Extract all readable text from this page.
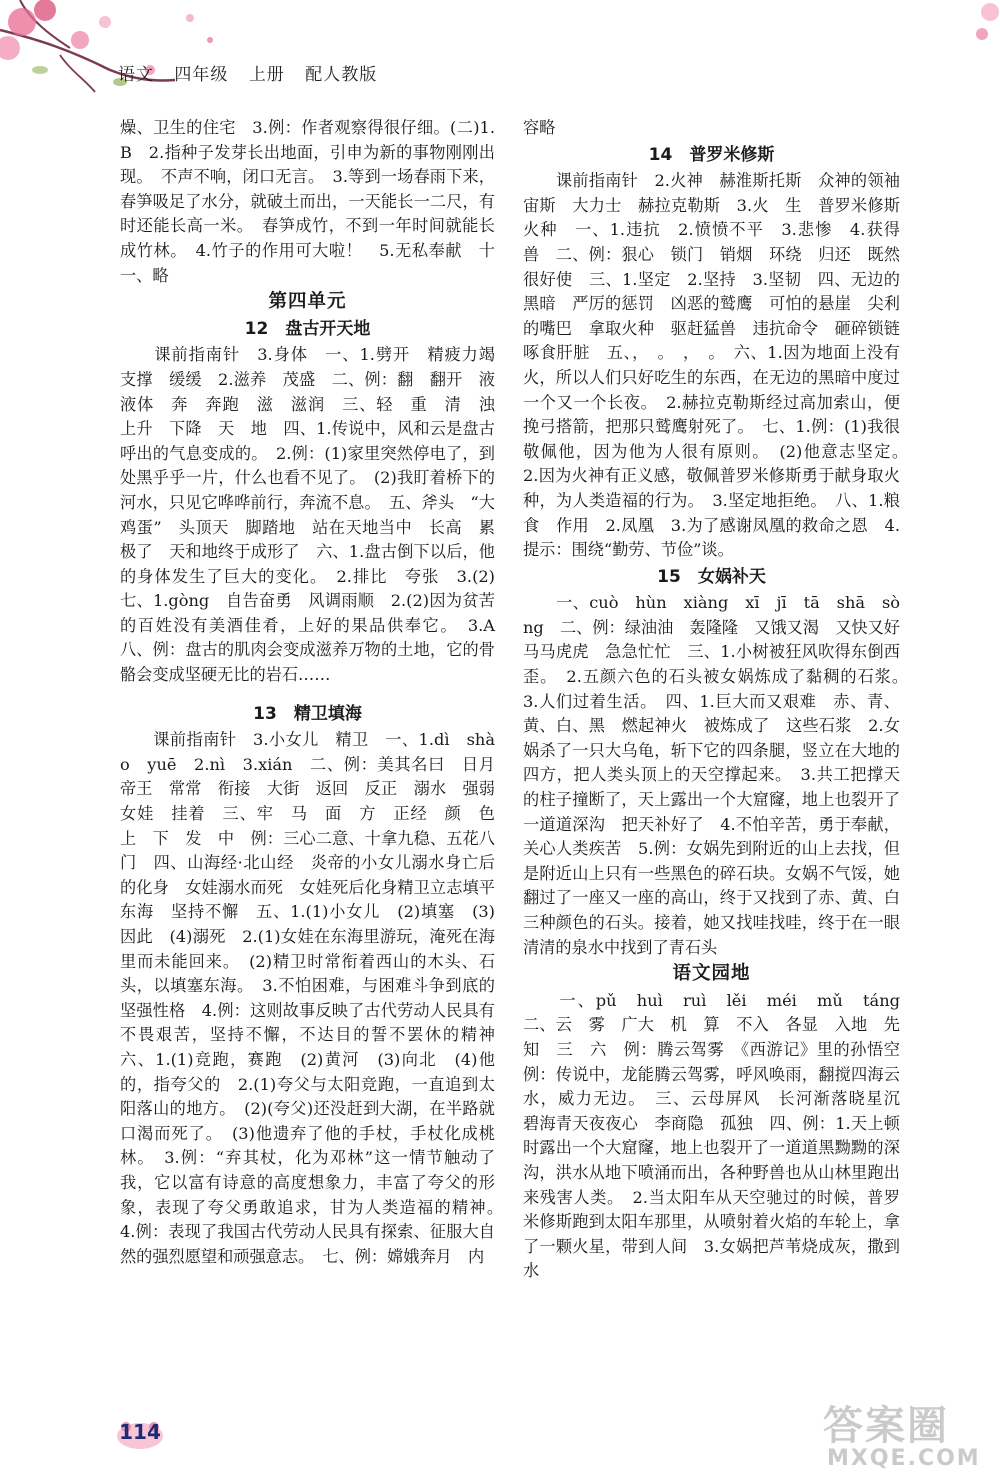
语文 四年级 上册 配人教版

燥、卫生的住宅　3.例：作者观察得很仔细。(二)1.B　2.指种子发芽长出地面，引申为新的事物刚刚出现。　不声不响，闭口无言。　3.等到一场春雨下来，春笋吸足了水分，就破土而出，一天能长一二尺，有时还能长高一米。　春笋成竹，不到一年时间就能长成竹林。　4.竹子的作用可大啦！　5.无私奉献　十一、略

第四单元
12　盘古开天地

　　课前指南针　3.身体　一、1.劈开　精疲力竭　支撑　缓缓　2.滋养　茂盛　二、例：翻　翻开　液　液体　奔　奔跑　滋　滋润　三、轻　重　清　浊　上升　下降　天　地　四、1.传说中，风和云是盘古呼出的气息变成的。　2.例：(1)家里突然停电了，到处黑乎乎一片，什么也看不见了。　(2)我盯着桥下的河水，只见它哗哗前行，奔流不息。　五、斧头　“大鸡蛋”　头顶天　脚踏地　站在天地当中　长高　累极了　天和地终于成形了　六、1.盘古倒下以后，他的身体发生了巨大的变化。　2.排比　夸张　3.(2)　七、1.gòng　自告奋勇　风调雨顺　2.(2)因为贫苦的百姓没有美酒佳肴，上好的果品供奉它。　3.A　八、例：盘古的肌肉会变成滋养万物的土地，它的骨骼会变成坚硬无比的岩石……

13　精卫填海

　　课前指南针　3.小女儿　精卫　一、1.dì　shào　yuē　2.nì　3.xián　二、例：美其名曰　日月　帝王　常常　衔接　大街　返回　反正　溺水　强弱　女娃　挂着　三、牢　马　面　方　正经　颜　色　上　下　发　中　例：三心二意、十拿九稳、五花八门　四、山海经·北山经　炎帝的小女儿溺水身亡后的化身　女娃溺水而死　女娃死后化身精卫立志填平东海　坚持不懈　五、1.(1)小女儿　(2)填塞　(3)因此　(4)溺死　2.(1)女娃在东海里游玩，淹死在海里而未能回来。　(2)精卫时常衔着西山的木头、石头，以填塞东海。　3.不怕困难，与困难斗争到底的坚强性格　4.例：这则故事反映了古代劳动人民具有不畏艰苦，坚持不懈，不达目的誓不罢休的精神　六、1.(1)竞跑，赛跑　(2)黄河　(3)向北　(4)他的，指夸父的　2.(1)夸父与太阳竞跑，一直追到太阳落山的地方。　(2)(夸父)还没赶到大湖，在半路就口渴而死了。　(3)他遗弃了他的手杖，手杖化成桃林。　3.例：“弃其杖，化为邓林”这一情节触动了我，它以富有诗意的高度想象力，丰富了夸父的形象，表现了夸父勇敢追求，甘为人类造福的精神。　4.例：表现了我国古代劳动人民具有探索、征服大自然的强烈愿望和顽强意志。　七、例：嫦娥奔月　内

容略

14　普罗米修斯

　　课前指南针　2.火神　赫淮斯托斯　众神的领袖　宙斯　大力士　赫拉克勒斯　3.火　生　普罗米修斯　火种　一、1.违抗　2.愤愤不平　3.悲惨　4.获得　兽　二、例：狠心　锁门　销烟　环绕　归还　既然　很好使　三、1.坚定　2.坚持　3.坚韧　四、无边的黑暗　严厉的惩罚　凶恶的鹫鹰　可怕的悬崖　尖利的嘴巴　拿取火种　驱赶猛兽　违抗命令　砸碎锁链　啄食肝脏　五、，　。　，　。　六、1.因为地面上没有火，所以人们只好吃生的东西，在无边的黑暗中度过一个又一个长夜。　2.赫拉克勒斯经过高加索山，便挽弓搭箭，把那只鹫鹰射死了。　七、1.例：(1)我很敬佩他，因为他为人很有原则。　(2)他意志坚定。　2.因为火神有正义感，敬佩普罗米修斯勇于献身取火种，为人类造福的行为。　3.坚定地拒绝。　八、1.粮食　作用　2.凤凰　3.为了感谢凤凰的救命之恩　4.提示：围绕“勤劳、节俭”谈。

15　女娲补天

　　一、cuò　hùn　xiàng　xī　jī　tā　shā　sòng　二、例：绿油油　轰隆隆　又饿又渴　又快又好　马马虎虎　急急忙忙　三、1.小树被狂风吹得东倒西歪。　2.五颜六色的石头被女娲炼成了黏稠的石浆。　3.人们过着生活。　四、1.巨大而又艰难　赤、青、黄、白、黑　燃起神火　被炼成了　这些石浆　2.女娲杀了一只大乌龟，斩下它的四条腿，竖立在大地的四方，把人类头顶上的天空撑起来。　3.共工把撑天的柱子撞断了，天上露出一个大窟窿，地上也裂开了一道道深沟　把天补好了　4.不怕辛苦，勇于奉献，关心人类疾苦　5.例：女娲先到附近的山上去找，但是附近山上只有一些黑色的碎石块。女娲不气馁，她翻过了一座又一座的高山，终于又找到了赤、黄、白三种颜色的石头。接着，她又找哇找哇，终于在一眼清清的泉水中找到了青石头

语文园地

　　一、pǔ　huì　ruì　lěi　méi　mǔ　táng　二、云　雾　广大　机　算　不入　各显　入地　先知　三　六　例：腾云驾雾　《西游记》里的孙悟空　例：传说中，龙能腾云驾雾，呼风唤雨，翻搅四海云水，威力无边。　三、云母屏风　长河渐落晓星沉　碧海青天夜夜心　李商隐　孤独　四、例：1.天上顿时露出一个大窟窿，地上也裂开了一道道黑黝黝的深沟，洪水从地下喷涌而出，各种野兽也从山林里跑出来残害人类。　2.当太阳车从天空驰过的时候，普罗米修斯跑到太阳车那里，从喷射着火焰的车轮上，拿了一颗火星，带到人间　3.女娲把芦苇烧成灰，撒到水

114	答案圈
MXQE.COM
